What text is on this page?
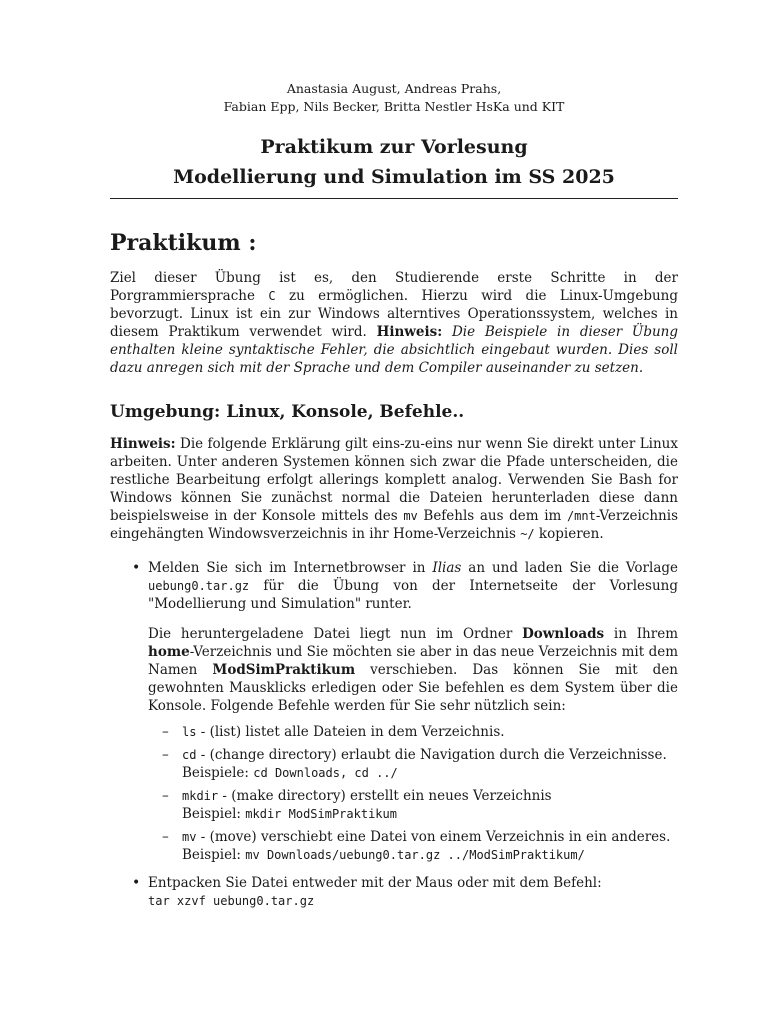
Anastasia August, Andreas Prahs,
Fabian Epp, Nils Becker, Britta Nestler HsKa und KIT
Praktikum zur Vorlesung
Modellierung und Simulation im SS 2025
Praktikum :
Ziel dieser Übung ist es, den Studierende erste Schritte in der Porgrammiersprache C zu ermöglichen. Hierzu wird die Linux-Umgebung bevorzugt. Linux ist ein zur Windows alterntives Operationssystem, welches in diesem Praktikum verwendet wird. Hinweis: Die Beispiele in dieser Übung enthalten kleine syntaktische Fehler, die absichtlich eingebaut wurden. Dies soll dazu anregen sich mit der Sprache und dem Compiler auseinander zu setzen.
Umgebung: Linux, Konsole, Befehle..
Hinweis: Die folgende Erklärung gilt eins-zu-eins nur wenn Sie direkt unter Linux arbeiten. Unter anderen Systemen können sich zwar die Pfade unterscheiden, die restliche Bearbeitung erfolgt allerings komplett analog. Verwenden Sie Bash for Windows können Sie zunächst normal die Dateien herunterladen diese dann beispielsweise in der Konsole mittels des mv Befehls aus dem im /mnt-Verzeichnis eingehängten Windowsverzeichnis in ihr Home-Verzeichnis ~/ kopieren.
• Melden Sie sich im Internetbrowser in Ilias an und laden Sie die Vorlage uebung0.tar.gz für die Übung von der Internetseite der Vorlesung "Modellierung und Simulation" runter.
Die heruntergeladene Datei liegt nun im Ordner Downloads in Ihrem home-Verzeichnis und Sie möchten sie aber in das neue Verzeichnis mit dem Namen ModSimPraktikum verschieben. Das können Sie mit den gewohnten Mausklicks erledigen oder Sie befehlen es dem System über die Konsole. Folgende Befehle werden für Sie sehr nützlich sein:
– ls - (list) listet alle Dateien in dem Verzeichnis.
– cd - (change directory) erlaubt die Navigation durch die Verzeichnisse.
Beispiele: cd Downloads, cd ../
– mkdir - (make directory) erstellt ein neues Verzeichnis
Beispiel: mkdir ModSimPraktikum
– mv - (move) verschiebt eine Datei von einem Verzeichnis in ein anderes.
Beispiel: mv Downloads/uebung0.tar.gz ../ModSimPraktikum/
• Entpacken Sie Datei entweder mit der Maus oder mit dem Befehl:
tar xzvf uebung0.tar.gz
